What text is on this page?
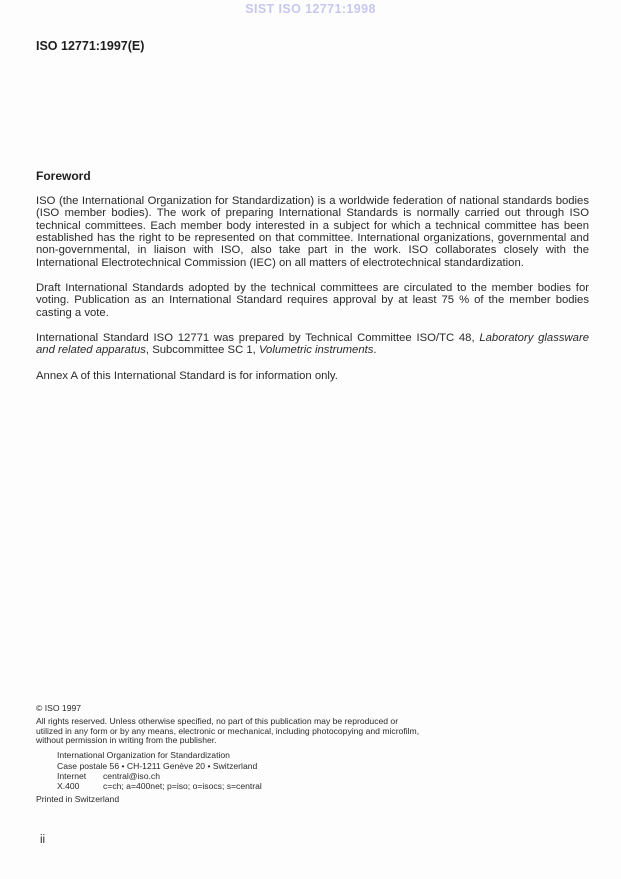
SIST ISO 12771:1998
ISO 12771:1997(E)
Foreword

ISO (the International Organization for Standardization) is a worldwide federation of national standards bodies (ISO member bodies). The work of preparing International Standards is normally carried out through ISO technical committees. Each member body interested in a subject for which a technical committee has been established has the right to be represented on that committee. International organizations, governmental and non-governmental, in liaison with ISO, also take part in the work. ISO collaborates closely with the International Electrotechnical Commission (IEC) on all matters of electrotechnical standardization.

Draft International Standards adopted by the technical committees are circulated to the member bodies for voting. Publication as an International Standard requires approval by at least 75 % of the member bodies casting a vote.

International Standard ISO 12771 was prepared by Technical Committee ISO/TC 48, Laboratory glassware and related apparatus, Subcommittee SC 1, Volumetric instruments.

Annex A of this International Standard is for information only.

© ISO 1997
All rights reserved. Unless otherwise specified, no part of this publication may be reproduced or utilized in any form or by any means, electronic or mechanical, including photocopying and microfilm, without permission in writing from the publisher.
International Organization for Standardization
Case postale 56 • CH-1211 Genève 20 • Switzerland
Internet central@iso.ch
X.400	c=ch; a=400net; p=iso; o=isocs; s=central
Printed in Switzerland
ii
